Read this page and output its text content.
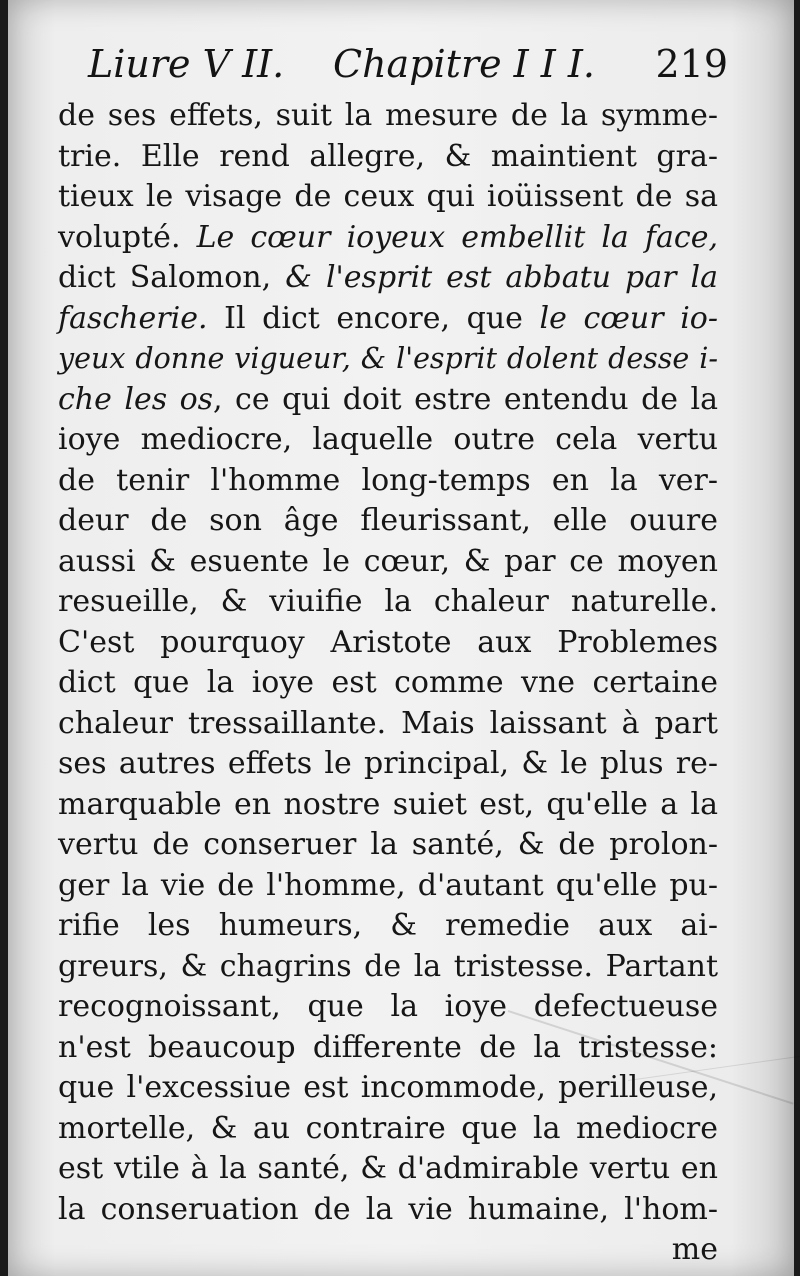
Liure V II. Chapitre I I I. 219
de ses effets, suit la mesure de la symme-
trie. Elle rend allegre, & maintient gra-
tieux le visage de ceux qui ioüissent de sa
volupté. Le cœur ioyeux embellit la face,
dict Salomon, & l'esprit est abbatu par la
fascherie. Il dict encore, que le cœur io-
yeux donne vigueur, & l'esprit dolent desse i-
che les os, ce qui doit estre entendu de la
ioye mediocre, laquelle outre cela vertu
de tenir l'homme long-temps en la ver-
deur de son âge fleurissant, elle ouure
aussi & esuente le cœur, & par ce moyen
resueille, & viuifie la chaleur naturelle.
C'est pourquoy Aristote aux Problemes
dict que la ioye est comme vne certaine
chaleur tressaillante. Mais laissant à part
ses autres effets le principal, & le plus re-
marquable en nostre suiet est, qu'elle a la
vertu de conseruer la santé, & de prolon-
ger la vie de l'homme, d'autant qu'elle pu-
rifie les humeurs, & remedie aux ai-
greurs, & chagrins de la tristesse. Partant
recognoissant, que la ioye defectueuse
n'est beaucoup differente de la tristesse:
que l'excessiue est incommode, perilleuse,
mortelle, & au contraire que la mediocre
est vtile à la santé, & d'admirable vertu en
la conseruation de la vie humaine, l'hom-
me
